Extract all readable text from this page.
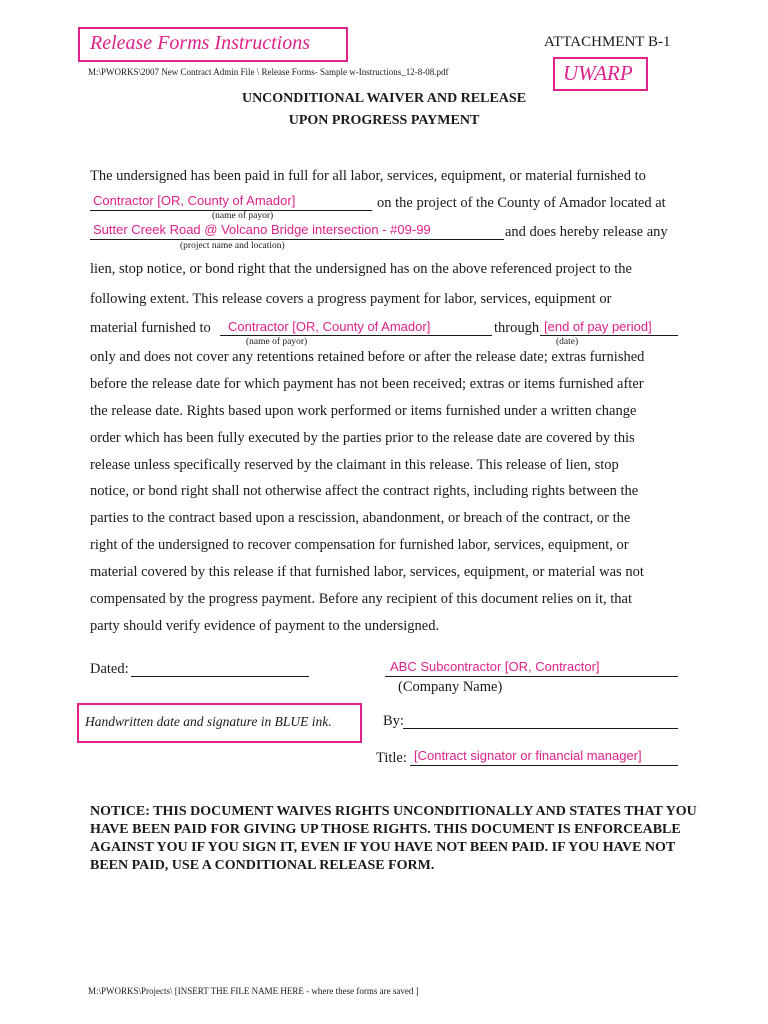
Release Forms Instructions	ATTACHMENT B-1
M:\PWORKS\2007 New Contract Admin File \ Release Forms- Sample w-Instructions_12-8-08.pdf	UWARP
UNCONDITIONAL WAIVER AND RELEASE
UPON PROGRESS PAYMENT
The undersigned has been paid in full for all labor, services, equipment, or material furnished to
Contractor [OR, County of Amador]	on the project of the County of Amador located at
(name of payor)
Sutter Creek Road @ Volcano Bridge intersection - #09-99	and does hereby release any
(project name and location)
lien, stop notice, or bond right that the undersigned has on the above referenced project to the
following extent. This release covers a progress payment for labor, services, equipment or
material furnished to Contractor [OR, County of Amador]	through [end of pay period]
(name of payor)	(date)
only and does not cover any retentions retained before or after the release date; extras furnished
before the release date for which payment has not been received; extras or items furnished after
the release date. Rights based upon work performed or items furnished under a written change
order which has been fully executed by the parties prior to the release date are covered by this
release unless specifically reserved by the claimant in this release. This release of lien, stop
notice, or bond right shall not otherwise affect the contract rights, including rights between the
parties to the contract based upon a rescission, abandonment, or breach of the contract, or the
right of the undersigned to recover compensation for furnished labor, services, equipment, or
material covered by this release if that furnished labor, services, equipment, or material was not
compensated by the progress payment. Before any recipient of this document relies on it, that
party should verify evidence of payment to the undersigned.
Dated:	ABC Subcontractor [OR, Contractor]
(Company Name)
Handwritten date and signature in BLUE ink.	By:
Title: [Contract signator or financial manager]
NOTICE: THIS DOCUMENT WAIVES RIGHTS UNCONDITIONALLY AND STATES THAT YOU HAVE BEEN PAID FOR GIVING UP THOSE RIGHTS. THIS DOCUMENT IS ENFORCEABLE AGAINST YOU IF YOU SIGN IT, EVEN IF YOU HAVE NOT BEEN PAID. IF YOU HAVE NOT BEEN PAID, USE A CONDITIONAL RELEASE FORM.
M:\PWORKS\Projects\ [INSERT THE FILE NAME HERE - where these forms are saved ]
